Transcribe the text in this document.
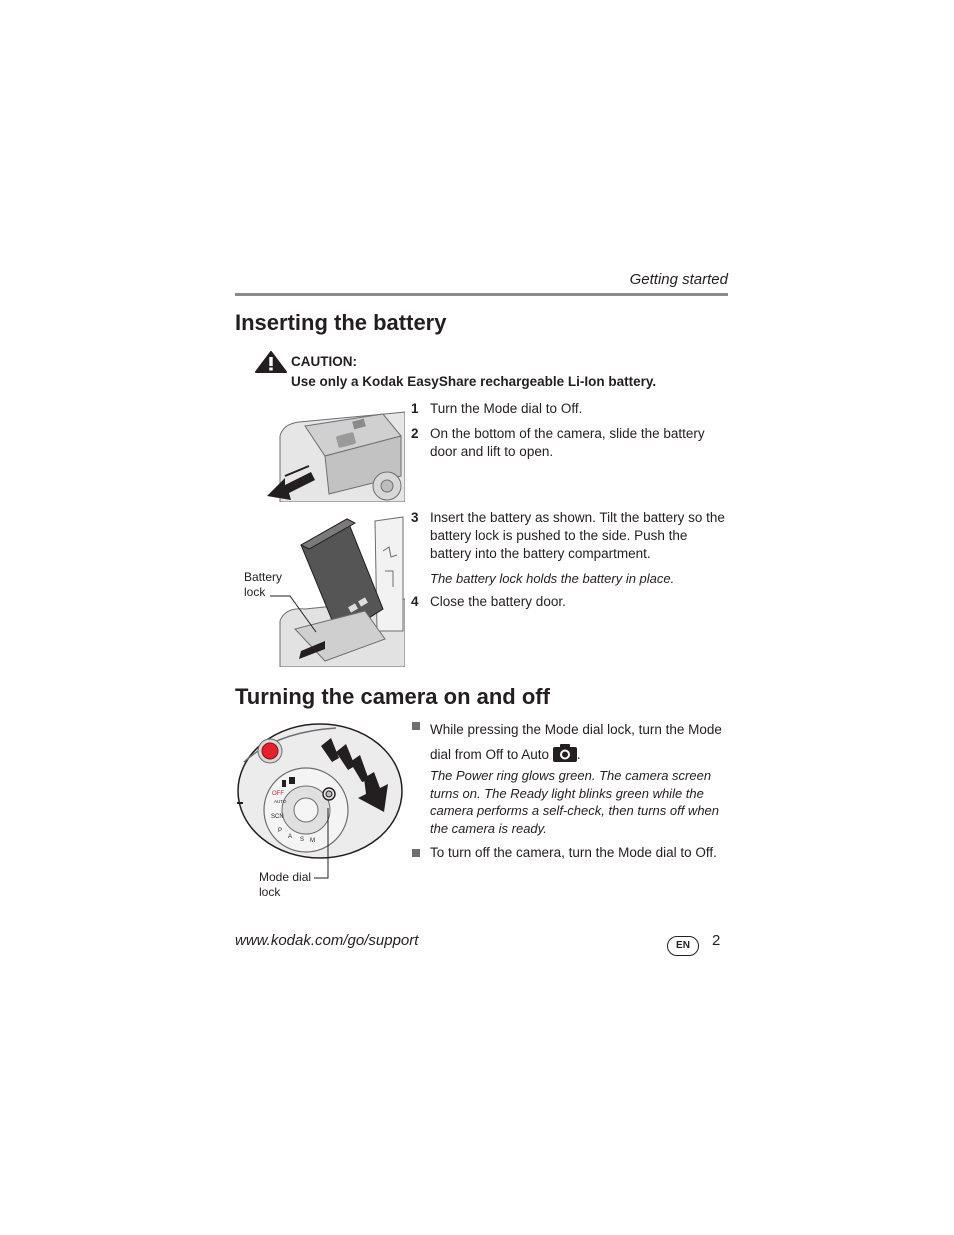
Getting started
Inserting the battery
CAUTION:
Use only a Kodak EasyShare rechargeable Li-Ion battery.
1 Turn the Mode dial to Off.
2 On the bottom of the camera, slide the battery door and lift to open.
Battery
lock
3 Insert the battery as shown. Tilt the battery so the battery lock is pushed to the side. Push the battery into the battery compartment.
The battery lock holds the battery in place.
4 Close the battery door.
Turning the camera on and off
OFF
AUTO
SCN
P
A S M
Mode dial
lock
While pressing the Mode dial lock, turn the Mode dial from Off to Auto .
The Power ring glows green. The camera screen turns on. The Ready light blinks green while the camera performs a self-check, then turns off when the camera is ready.
To turn off the camera, turn the Mode dial to Off.
www.kodak.com/go/support	EN	2
